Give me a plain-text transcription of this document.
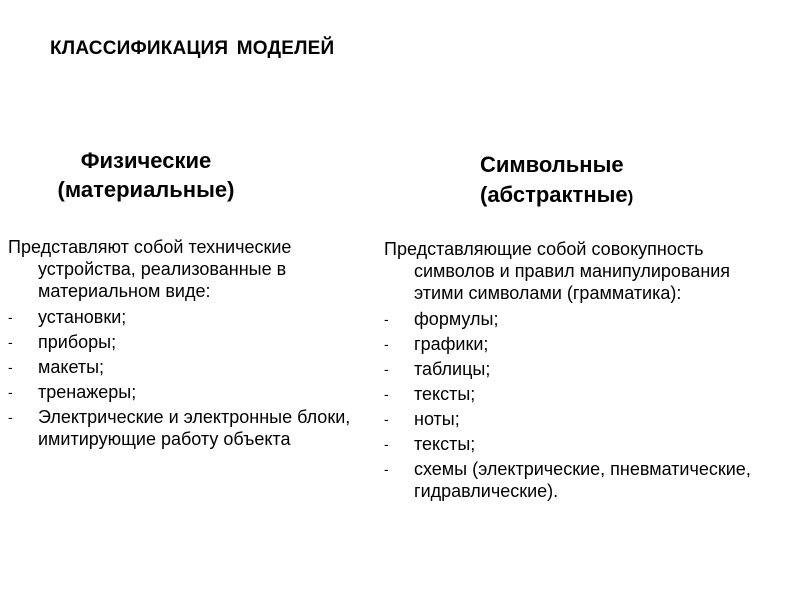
КЛАССИФИКАЦИЯ МОДЕЛЕЙ
Физические
(материальные)
Символьные
(абстрактные)

Представляют собой технические устройства, реализованные в материальном виде:

- установки;
- приборы;
- макеты;
- тренажеры;
- Электрические и электронные блоки, имитирующие работу объекта

Представляющие собой совокупность символов и правил манипулирования этими символами (грамматика):

- формулы;
- графики;
- таблицы;
- тексты;
- ноты;
- тексты;
- схемы (электрические, пневматические, гидравлические).
